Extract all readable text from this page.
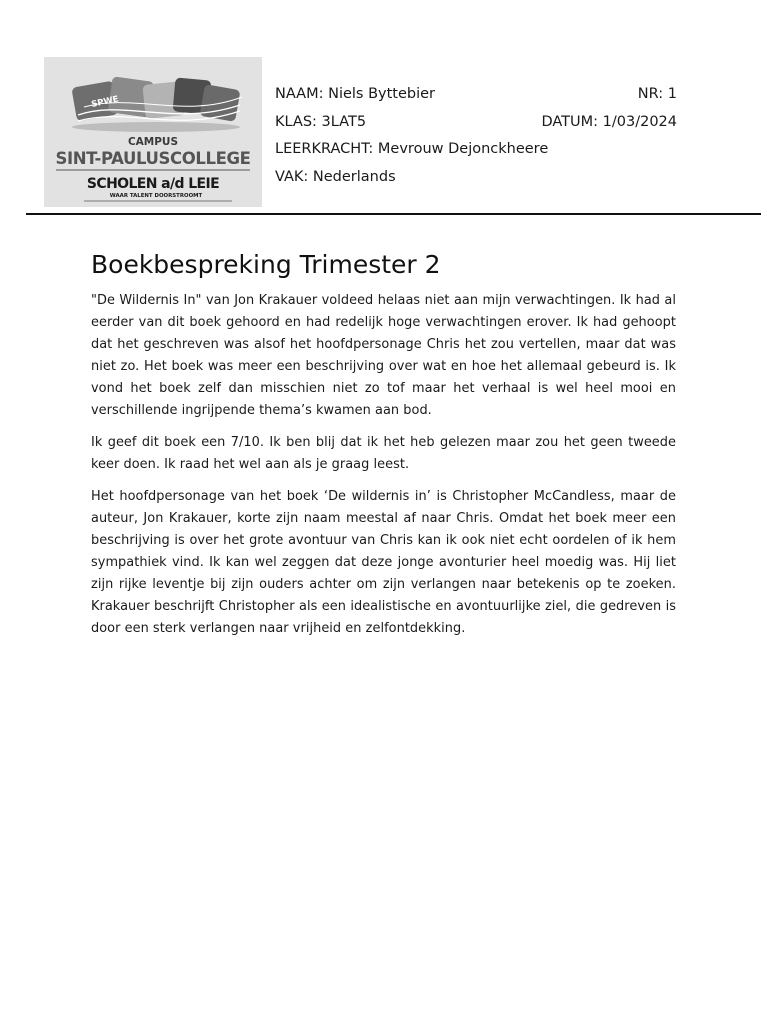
SPWE
CAMPUS
SINT-PAULUSCOLLEGE
SCHOLEN a/d LEIE
WAAR TALENT DOORSTROOMT
NAAM: Niels Byttebier	NR: 1
KLAS: 3LAT5	DATUM: 1/03/2024
LEERKRACHT: Mevrouw Dejonckheere
VAK: Nederlands
Boekbespreking Trimester 2

"De Wildernis In" van Jon Krakauer voldeed helaas niet aan mijn verwachtingen. Ik had al eerder van dit boek gehoord en had redelijk hoge verwachtingen erover. Ik had gehoopt dat het geschreven was alsof het hoofdpersonage Chris het zou vertellen, maar dat was niet zo. Het boek was meer een beschrijving over wat en hoe het allemaal gebeurd is. Ik vond het boek zelf dan misschien niet zo tof maar het verhaal is wel heel mooi en verschillende ingrijpende thema’s kwamen aan bod.

Ik geef dit boek een 7/10. Ik ben blij dat ik het heb gelezen maar zou het geen tweede keer doen. Ik raad het wel aan als je graag leest.

Het hoofdpersonage van het boek ‘De wildernis in’ is Christopher McCandless, maar de auteur, Jon Krakauer, korte zijn naam meestal af naar Chris. Omdat het boek meer een beschrijving is over het grote avontuur van Chris kan ik ook niet echt oordelen of ik hem sympathiek vind. Ik kan wel zeggen dat deze jonge avonturier heel moedig was. Hij liet zijn rijke leventje bij zijn ouders achter om zijn verlangen naar betekenis op te zoeken. Krakauer beschrijft Christopher als een idealistische en avontuurlijke ziel, die gedreven is door een sterk verlangen naar vrijheid en zelfontdekking.
